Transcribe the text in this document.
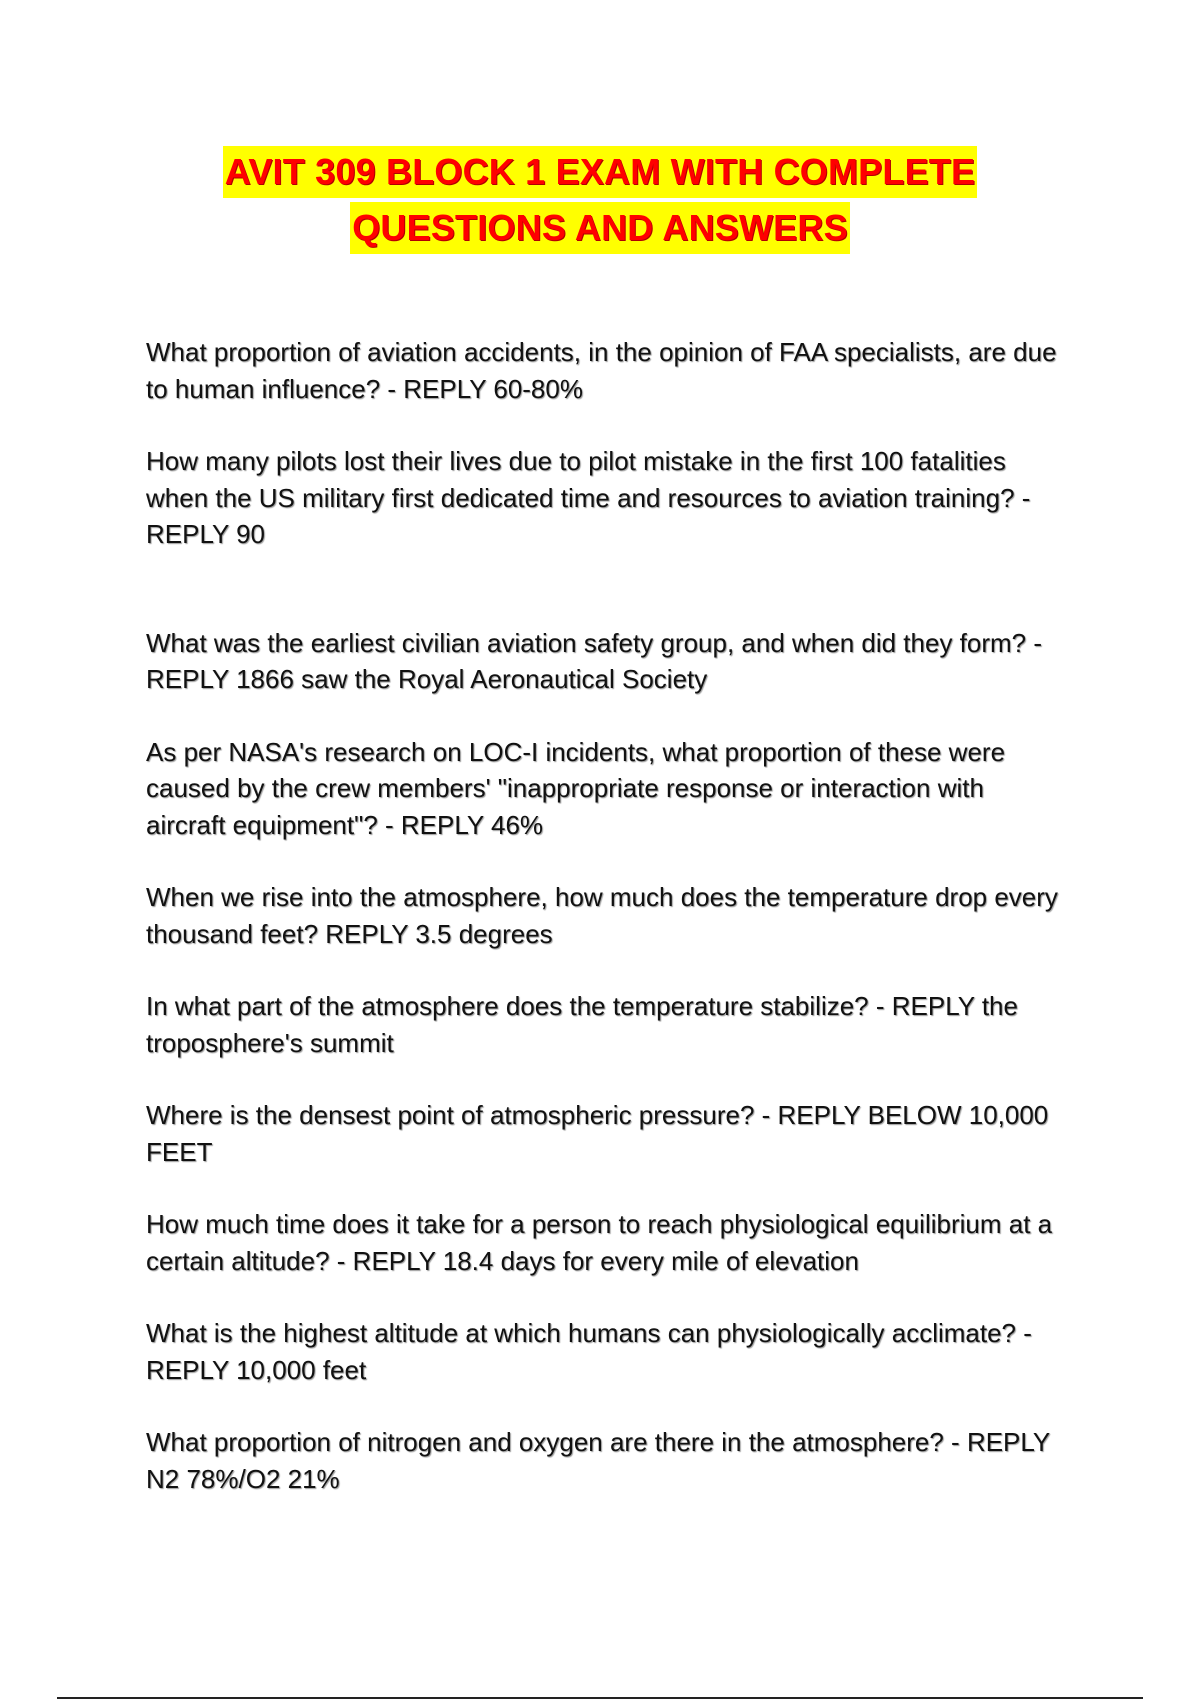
AVIT 309 BLOCK 1 EXAM WITH COMPLETE
QUESTIONS AND ANSWERS

What proportion of aviation accidents, in the opinion of FAA specialists, are due to human influence? - REPLY 60-80%

How many pilots lost their lives due to pilot mistake in the first 100 fatalities when the US military first dedicated time and resources to aviation training? - REPLY 90

What was the earliest civilian aviation safety group, and when did they form? - REPLY 1866 saw the Royal Aeronautical Society

As per NASA's research on LOC-I incidents, what proportion of these were caused by the crew members' "inappropriate response or interaction with aircraft equipment"? - REPLY 46%

When we rise into the atmosphere, how much does the temperature drop every thousand feet? REPLY 3.5 degrees

In what part of the atmosphere does the temperature stabilize? - REPLY the troposphere's summit

Where is the densest point of atmospheric pressure? - REPLY BELOW 10,000 FEET

How much time does it take for a person to reach physiological equilibrium at a certain altitude? - REPLY 18.4 days for every mile of elevation

What is the highest altitude at which humans can physiologically acclimate? - REPLY 10,000 feet

What proportion of nitrogen and oxygen are there in the atmosphere? - REPLY N2 78%/O2 21%
